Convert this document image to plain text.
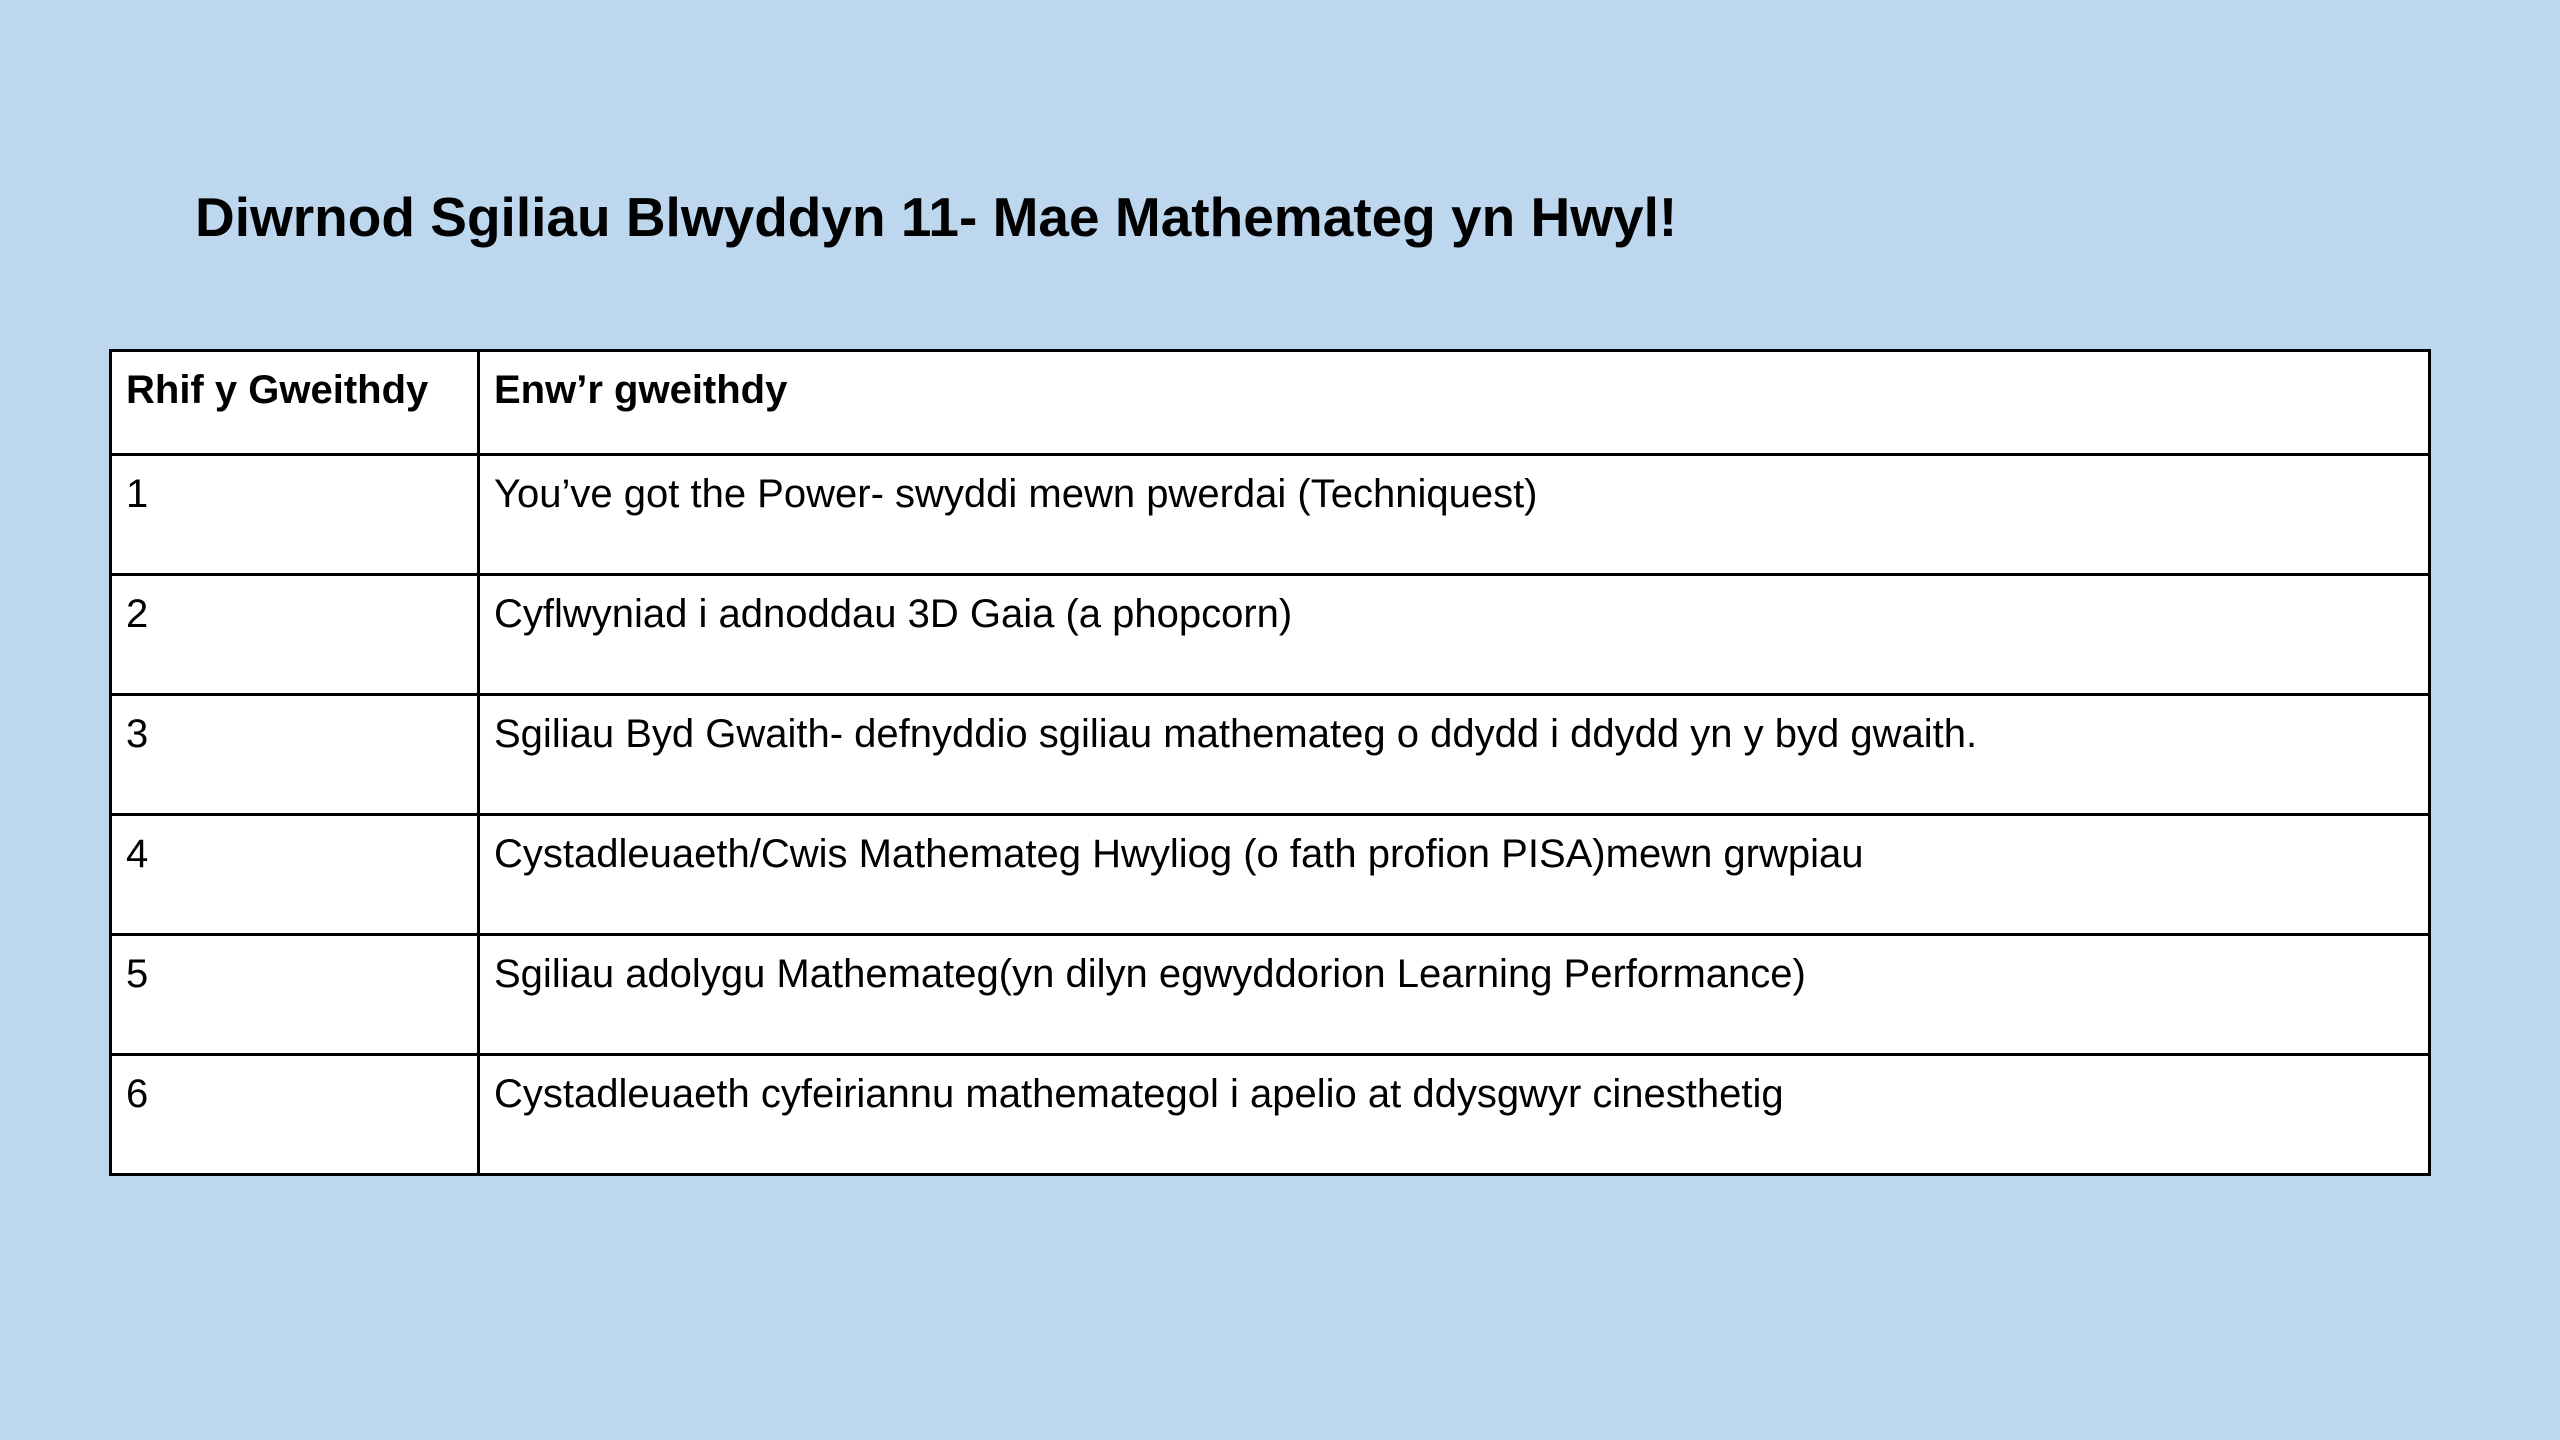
Diwrnod Sgiliau Blwyddyn 11- Mae Mathemateg yn Hwyl!
Rhif y Gweithdy	Enw’r gweithdy
1	You’ve got the Power- swyddi mewn pwerdai (Techniquest)
2	Cyflwyniad i adnoddau 3D Gaia (a phopcorn)
3	Sgiliau Byd Gwaith- defnyddio sgiliau mathemateg o ddydd i ddydd yn y byd gwaith.
4	Cystadleuaeth/Cwis Mathemateg Hwyliog (o fath profion PISA)mewn grwpiau
5	Sgiliau adolygu Mathemateg(yn dilyn egwyddorion Learning Performance)
6	Cystadleuaeth cyfeiriannu mathemategol i apelio at ddysgwyr cinesthetig
